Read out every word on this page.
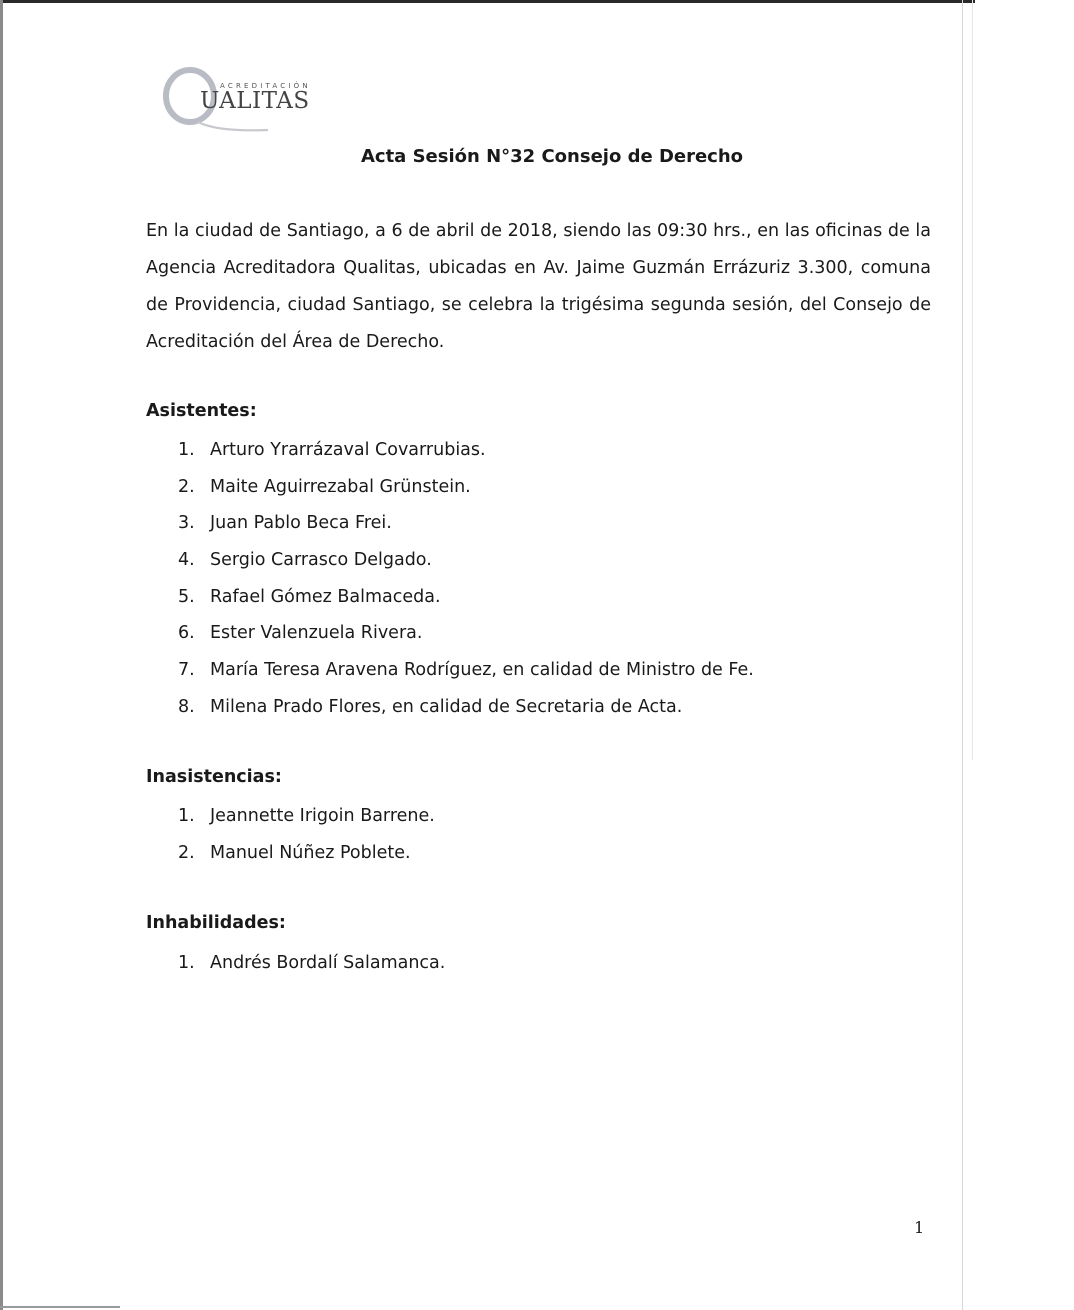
ACREDITACIÓN
UALITAS
Acta Sesión N°32 Consejo de Derecho
En la ciudad de Santiago, a 6 de abril de 2018, siendo las 09:30 hrs., en las oficinas de la Agencia Acreditadora Qualitas, ubicadas en Av. Jaime Guzmán Errázuriz 3.300, comuna de Providencia, ciudad Santiago, se celebra la trigésima segunda sesión, del Consejo de Acreditación del Área de Derecho.
Asistentes:
1. Arturo Yrarrázaval Covarrubias.
2. Maite Aguirrezabal Grünstein.
3. Juan Pablo Beca Frei.
4. Sergio Carrasco Delgado.
5. Rafael Gómez Balmaceda.
6. Ester Valenzuela Rivera.
7. María Teresa Aravena Rodríguez, en calidad de Ministro de Fe.
8. Milena Prado Flores, en calidad de Secretaria de Acta.
Inasistencias:
1. Jeannette Irigoin Barrene.
2. Manuel Núñez Poblete.
Inhabilidades:
1. Andrés Bordalí Salamanca.
1
